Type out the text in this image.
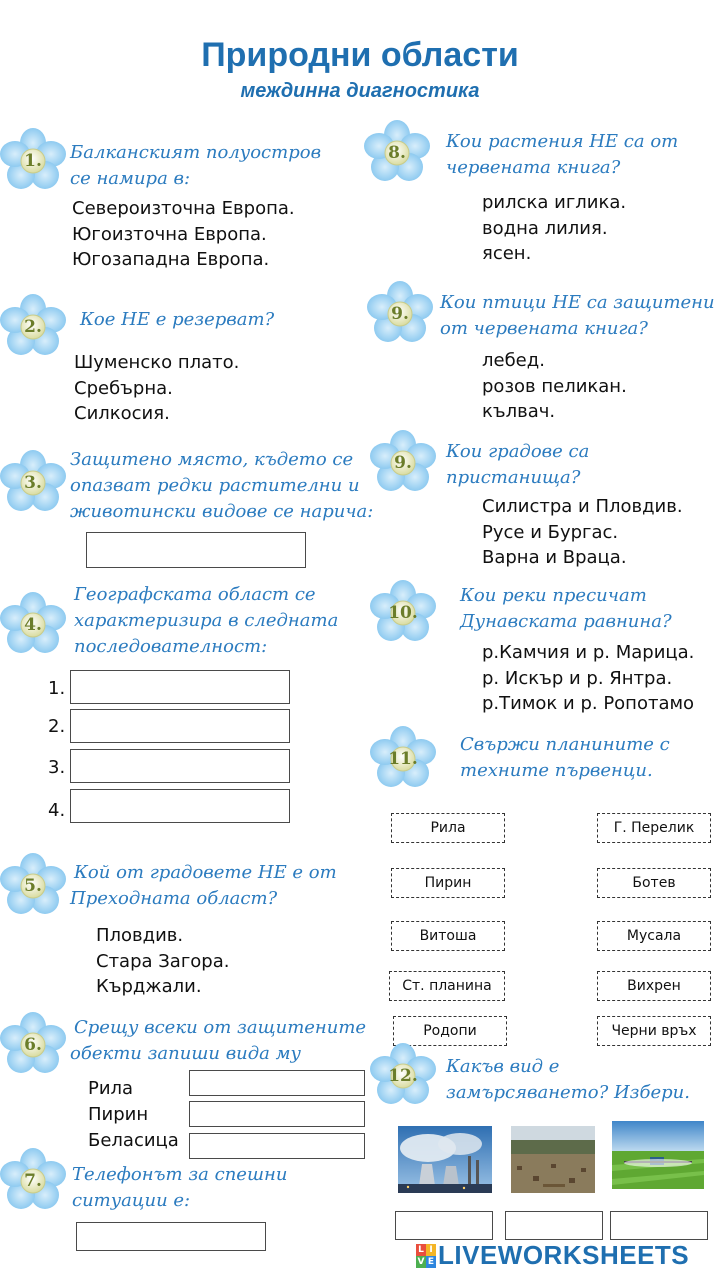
Природни области
междинна диагностика
1.	Балканският полуостров
се намира в:
Североизточна Европа.
Югоизточна Европа.
Югозападна Европа.
2.	Кое НЕ е резерват?
Шуменско плато.
Сребърна.
Силкосия.
3.
Защитено място, където се
опазват редки растителни и
животински видове се нарича:
4.
Географската област се
характеризира в следната
последователност:
1.
2.
3.
4.
5.
Кой от градовете НЕ е от
Преходната област?
Пловдив.
Стара Загора.
Кърджали.
6.
Срещу всеки от защитените
обекти запиши вида му
Рила
Пирин
Беласица
7.	Телефонът за спешни
ситуации е:
8.
Кои растения НЕ са от
червената книга?
рилска иглика.
водна лилия.
ясен.
9.
Кои птици НЕ са защитени
от червената книга?
лебед.
розов пеликан.
кълвач.
9.
Кои градове са
пристанища?
Силистра и Пловдив.
Русе и Бургас.
Варна и Враца.
10.
Кои реки пресичат
Дунавската равнина?
р.Камчия и р. Марица.
р. Искър и р. Янтра.
р.Тимок и р. Ропотамо
11.
Свържи планините с
техните първенци.
Рила
Пирин
Витоша
Ст. планина
Родопи
Г. Перелик
Ботев
Мусала
Вихрен
Черни връх
12.	Какъв вид е
замърсяването? Избери.
L I
V E LIVEWORKSHEETS
